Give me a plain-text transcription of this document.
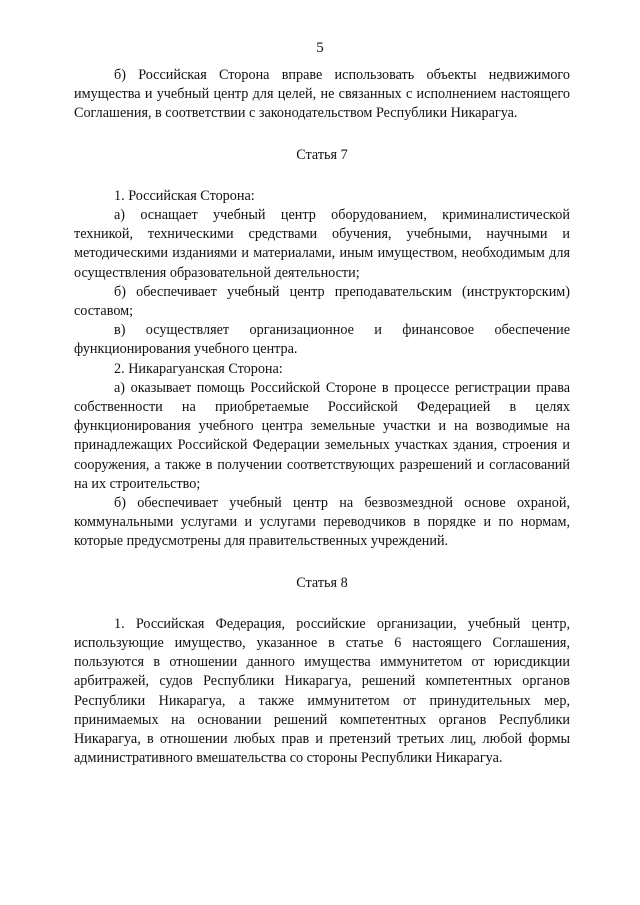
5

б) Российская Сторона вправе использовать объекты недвижимого имущества и учебный центр для целей, не связанных с исполнением настоящего Соглашения, в соответствии с законодательством Республики Никарагуа.

Статья 7

1. Российская Сторона:

а) оснащает учебный центр оборудованием, криминалистической техникой, техническими средствами обучения, учебными, научными и методическими изданиями и материалами, иным имуществом, необходимым для осуществления образовательной деятельности;

б) обеспечивает учебный центр преподавательским (инструкторским) составом;

в) осуществляет организационное и финансовое обеспечение функционирования учебного центра.

2. Никарагуанская Сторона:

а) оказывает помощь Российской Стороне в процессе регистрации права собственности на приобретаемые Российской Федерацией в целях функционирования учебного центра земельные участки и на возводимые на принадлежащих Российской Федерации земельных участках здания, строения и сооружения, а также в получении соответствующих разрешений и согласований на их строительство;

б) обеспечивает учебный центр на безвозмездной основе охраной, коммунальными услугами и услугами переводчиков в порядке и по нормам, которые предусмотрены для правительственных учреждений.

Статья 8

1. Российская Федерация, российские организации, учебный центр, использующие имущество, указанное в статье 6 настоящего Соглашения, пользуются в отношении данного имущества иммунитетом от юрисдикции арбитражей, судов Республики Никарагуа, решений компетентных органов Республики Никарагуа, а также иммунитетом от принудительных мер, принимаемых на основании решений компетентных органов Республики Никарагуа, в отношении любых прав и претензий третьих лиц, любой формы административного вмешательства со стороны Республики Никарагуа.
